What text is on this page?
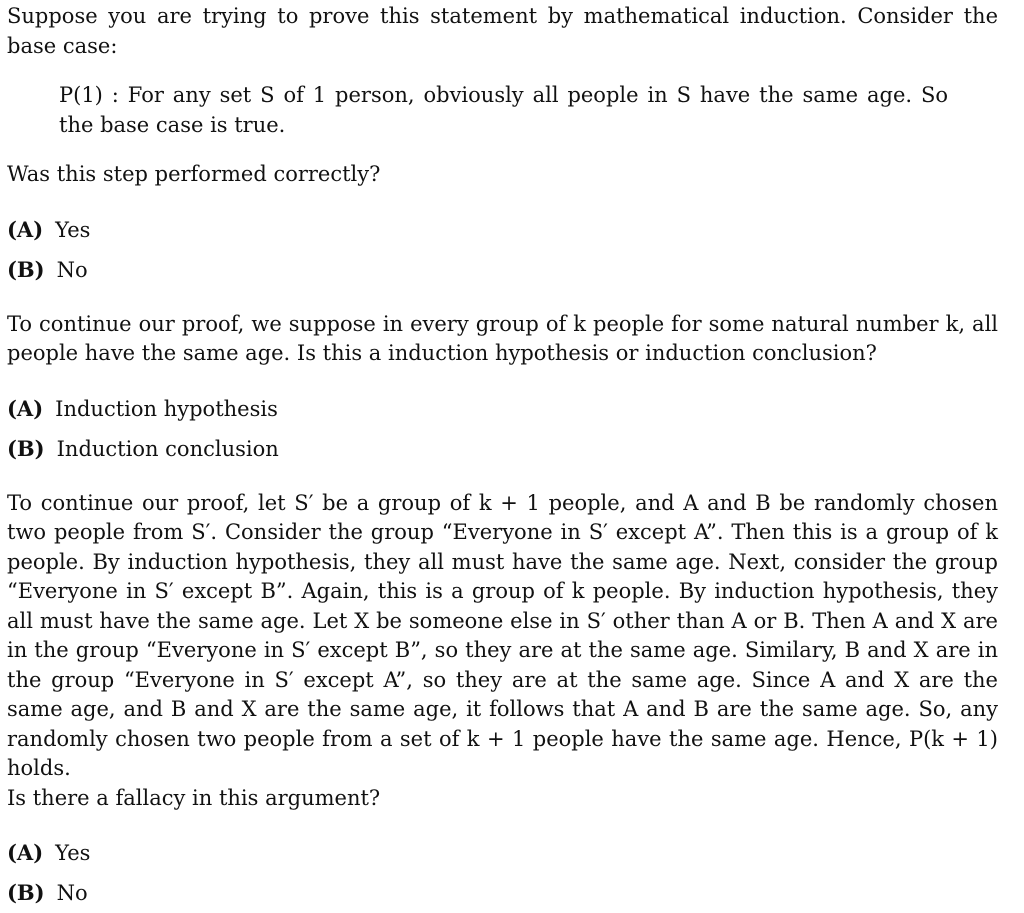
Suppose you are trying to prove this statement by mathematical induction. Consider the base case:

P(1) : For any set S of 1 person, obviously all people in S have the same age. So the base case is true.

Was this step performed correctly?

(A) Yes
(B) No

To continue our proof, we suppose in every group of k people for some natural number k, all people have the same age. Is this a induction hypothesis or induction conclusion?

(A) Induction hypothesis
(B) Induction conclusion

To continue our proof, let S′ be a group of k + 1 people, and A and B be randomly chosen two people from S′. Consider the group “Everyone in S′ except A”. Then this is a group of k people. By induction hypothesis, they all must have the same age. Next, consider the group “Everyone in S′ except B”. Again, this is a group of k people. By induction hypothesis, they all must have the same age. Let X be someone else in S′ other than A or B. Then A and X are in the group “Everyone in S′ except B”, so they are at the same age. Similary, B and X are in the group “Everyone in S′ except A”, so they are at the same age. Since A and X are the same age, and B and X are the same age, it follows that A and B are the same age. So, any randomly chosen two people from a set of k + 1 people have the same age. Hence, P(k + 1) holds.

Is there a fallacy in this argument?

(A) Yes
(B) No
